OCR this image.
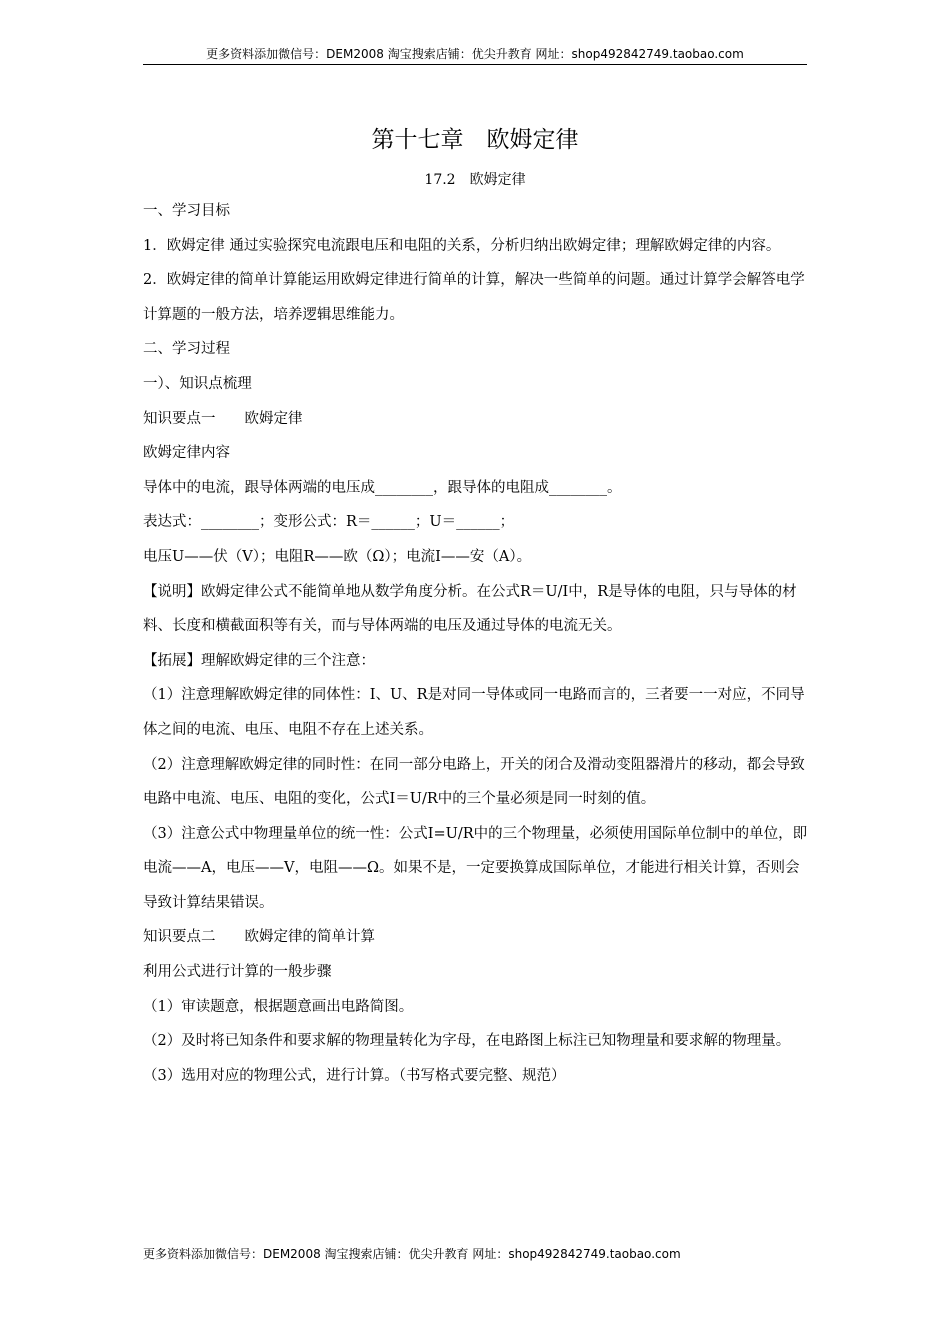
更多资料添加微信号：DEM2008 淘宝搜索店铺：优尖升教育 网址：shop492842749.taobao.com
第十七章　欧姆定律
17.2　欧姆定律

一、学习目标

1．欧姆定律 通过实验探究电流跟电压和电阻的关系，分析归纳出欧姆定律；理解欧姆定律的内容。

2．欧姆定律的简单计算能运用欧姆定律进行简单的计算，解决一些简单的问题。通过计算学会解答电学计算题的一般方法，培养逻辑思维能力。

二、学习过程

一）、知识点梳理

知识要点一　　欧姆定律

欧姆定律内容

导体中的电流，跟导体两端的电压成________，跟导体的电阻成________。

表达式：________；变形公式：R＝______；U＝______；

电压U——伏（V）；电阻R——欧（Ω）；电流I——安（A）。

【说明】欧姆定律公式不能简单地从数学角度分析。在公式R＝U/I中，R是导体的电阻，只与导体的材料、长度和横截面积等有关，而与导体两端的电压及通过导体的电流无关。

【拓展】理解欧姆定律的三个注意：

（1）注意理解欧姆定律的同体性：I、U、R是对同一导体或同一电路而言的，三者要一一对应，不同导体之间的电流、电压、电阻不存在上述关系。

（2）注意理解欧姆定律的同时性：在同一部分电路上，开关的闭合及滑动变阻器滑片的移动，都会导致电路中电流、电压、电阻的变化，公式I＝U/R中的三个量必须是同一时刻的值。

（3）注意公式中物理量单位的统一性：公式I=U/R中的三个物理量，必须使用国际单位制中的单位，即电流——A，电压——V，电阻——Ω。如果不是，一定要换算成国际单位，才能进行相关计算，否则会导致计算结果错误。

知识要点二　　欧姆定律的简单计算

利用公式进行计算的一般步骤

（1）审读题意，根据题意画出电路简图。

（2）及时将已知条件和要求解的物理量转化为字母，在电路图上标注已知物理量和要求解的物理量。

（3）选用对应的物理公式，进行计算。（书写格式要完整、规范）

更多资料添加微信号：DEM2008 淘宝搜索店铺：优尖升教育 网址：shop492842749.taobao.com
